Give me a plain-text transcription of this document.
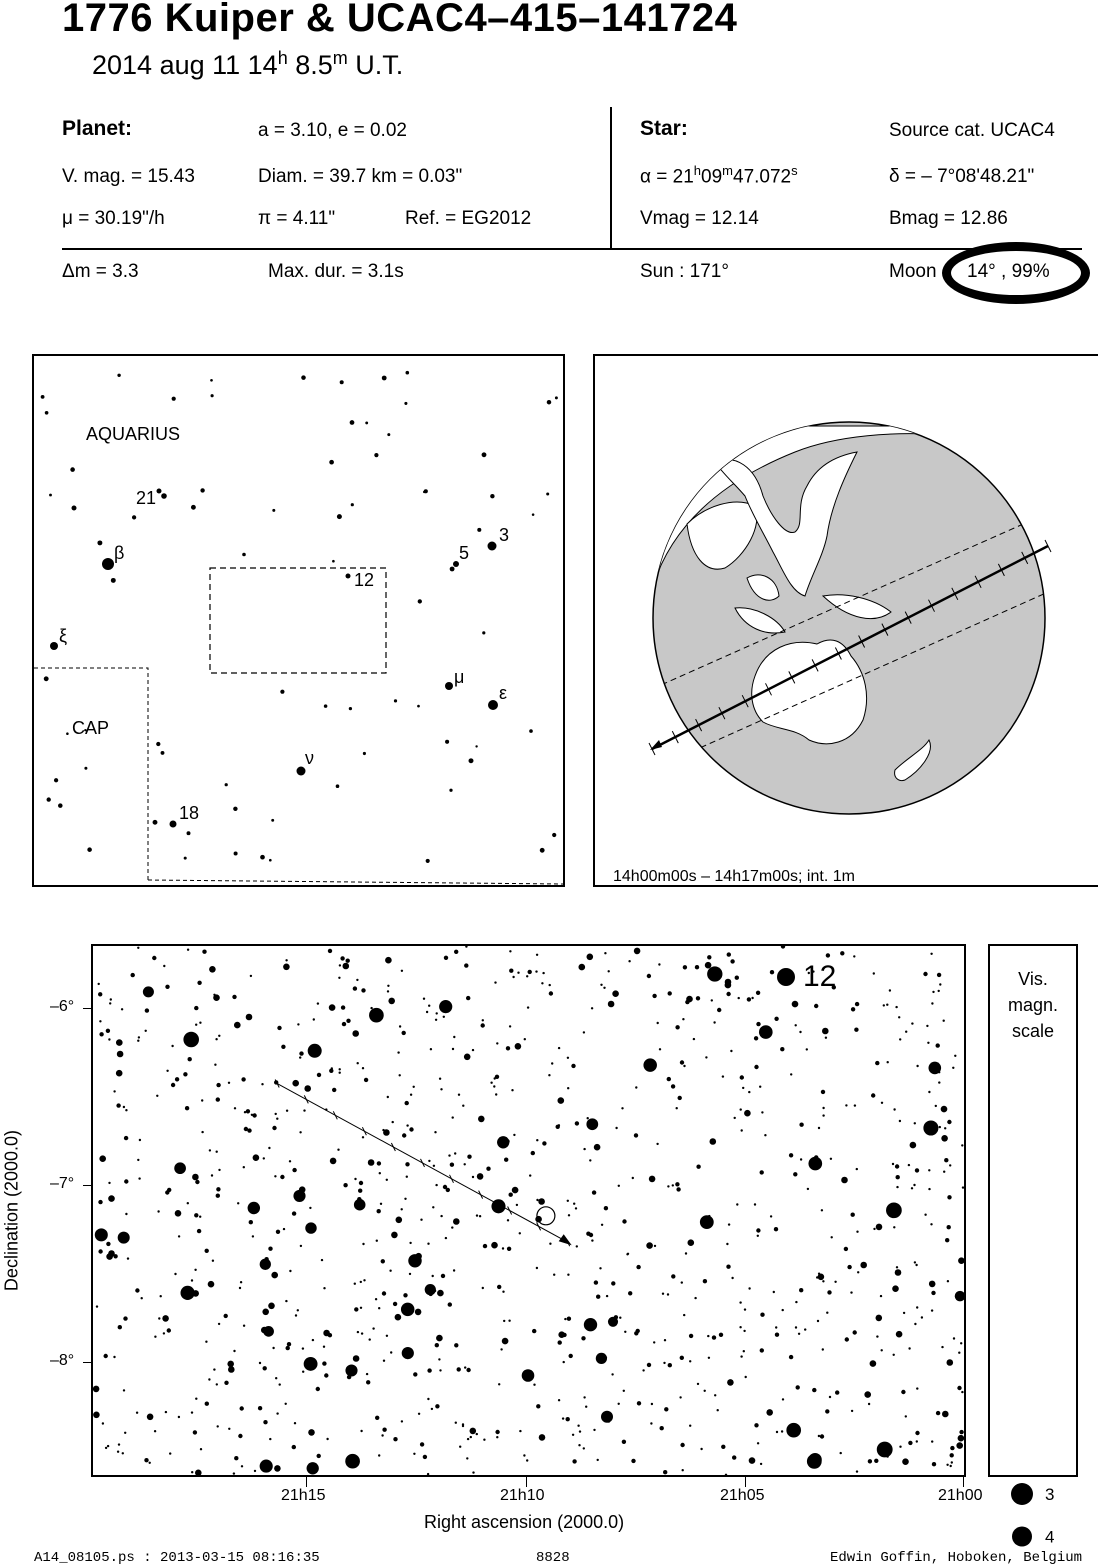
1776 Kuiper & UCAC4–415–141724
2014 aug 11 14$^h$ 8.5$^m$ U.T.
Planet:	a = 3.10, e = 0.02
V. mag. = 15.43	Diam. = 39.7 km = 0.03"
μ = 30.19"/h	π = 4.11"	Ref. = EG2012
Δm = 3.3	Max. dur. = 3.1s
Star:	Source cat. UCAC4
$\alpha = 21^h09^m47.072^s$	δ = – 7°08'48.21"
Vmag = 12.14	Bmag = 12.86
Sun : 171°	Moon 14° , 99%
AQUARIUS
CAP
21
β
ξ
5
3
12
μ
ε
ν
18
14h00m00s – 14h17m00s; int. 1m
12
21h15	21h10	21h05	21h00
Right ascension (2000.0)
–6°
–7°
–8°
Declination (2000.0)
Vis.
magn.
scale
3
4
A14_08105.ps : 2013-03-15 08:16:35	8828	Edwin Goffin, Hoboken, Belgium
